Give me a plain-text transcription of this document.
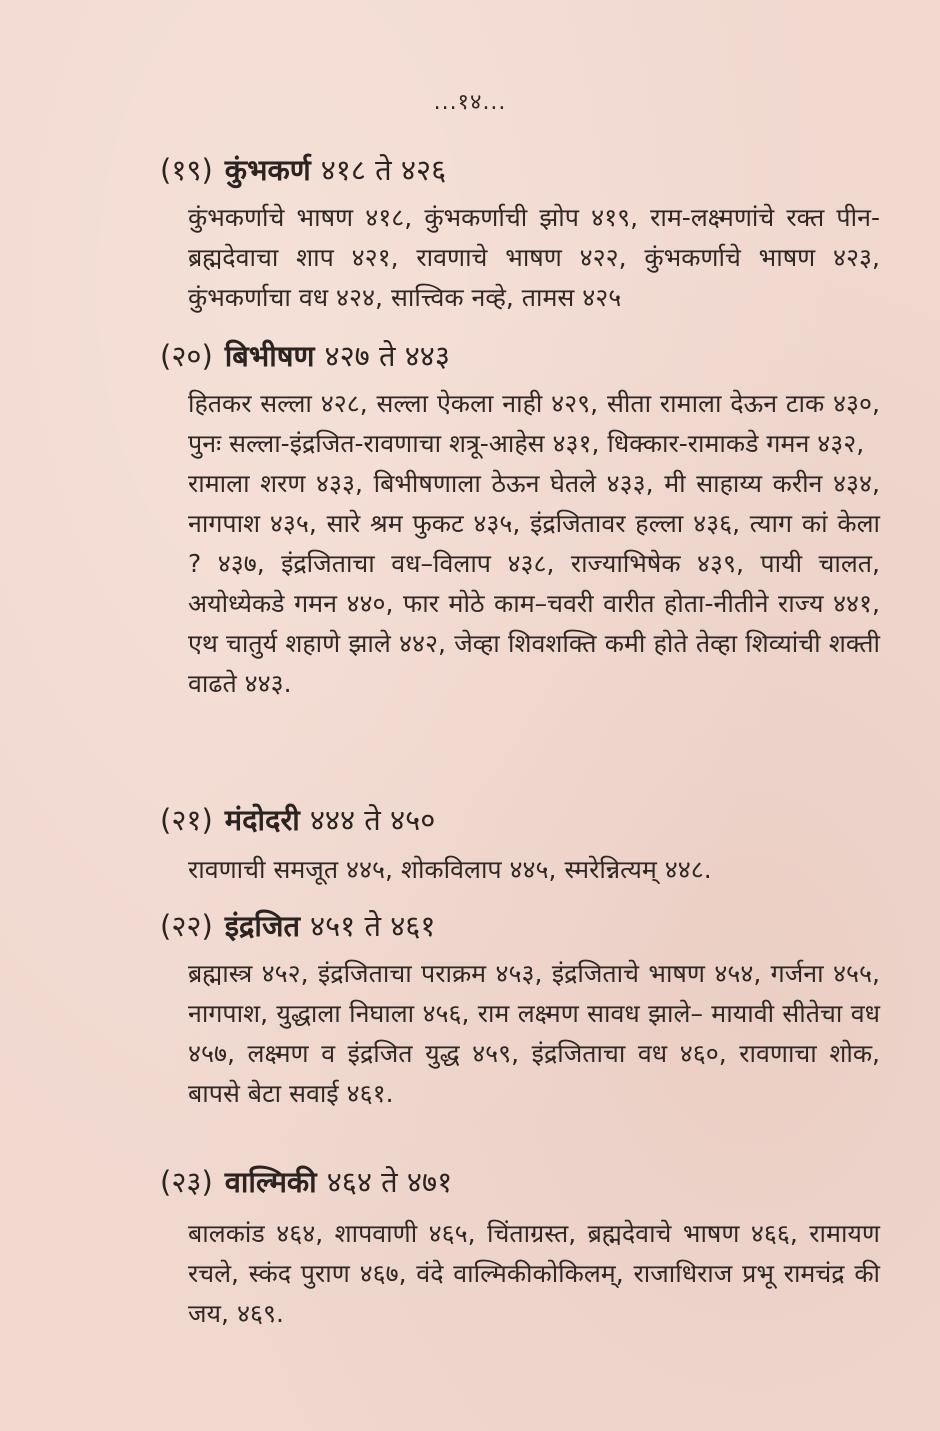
...१४...
(१९) कुंभकर्ण ४१८ ते ४२६

कुंभकर्णाचे भाषण ४१८, कुंभकर्णाची झोप ४१९, राम-लक्ष्मणांचे रक्त पीन-ब्रह्मदेवाचा शाप ४२१, रावणाचे भाषण ४२२, कुंभकर्णाचे भाषण ४२३, कुंभकर्णाचा वध ४२४, सात्त्विक नव्हे, तामस ४२५

(२०) बिभीषण ४२७ ते ४४३

हितकर सल्ला ४२८, सल्ला ऐकला नाही ४२९, सीता रामाला देऊन टाक ४३०, पुनः सल्ला-इंद्रजित-रावणाचा शत्रू-आहेस ४३१, धिक्कार-रामाकडे गमन ४३२,

रामाला शरण ४३३, बिभीषणाला ठेऊन घेतले ४३३, मी साहाय्य करीन ४३४, नागपाश ४३५, सारे श्रम फुकट ४३५, इंद्रजितावर हल्ला ४३६, त्याग कां केला ? ४३७, इंद्रजिताचा वध–विलाप ४३८, राज्याभिषेक ४३९, पायी चालत, अयोध्येकडे गमन ४४०, फार मोठे काम–चवरी वारीत होता-नीतीने राज्य ४४१, एथ चातुर्य शहाणे झाले ४४२, जेव्हा शिवशक्ति कमी होते तेव्हा शिव्यांची शक्ती वाढते ४४३.

(२१) मंदोदरी ४४४ ते ४५०

रावणाची समजूत ४४५, शोकविलाप ४४५, स्मरेन्नित्यम् ४४८.

(२२) इंद्रजित ४५१ ते ४६१

ब्रह्मास्त्र ४५२, इंद्रजिताचा पराक्रम ४५३, इंद्रजिताचे भाषण ४५४, गर्जना ४५५, नागपाश, युद्धाला निघाला ४५६, राम लक्ष्मण सावध झाले– मायावी सीतेचा वध ४५७, लक्ष्मण व इंद्रजित युद्ध ४५९, इंद्रजिताचा वध ४६०, रावणाचा शोक, बापसे बेटा सवाई ४६१.

(२३) वाल्मिकी ४६४ ते ४७१

बालकांड ४६४, शापवाणी ४६५, चिंताग्रस्त, ब्रह्मदेवाचे भाषण ४६६, रामायण रचले, स्कंद पुराण ४६७, वंदे वाल्मिकीकोकिलम्, राजाधिराज प्रभू रामचंद्र की जय, ४६९.
